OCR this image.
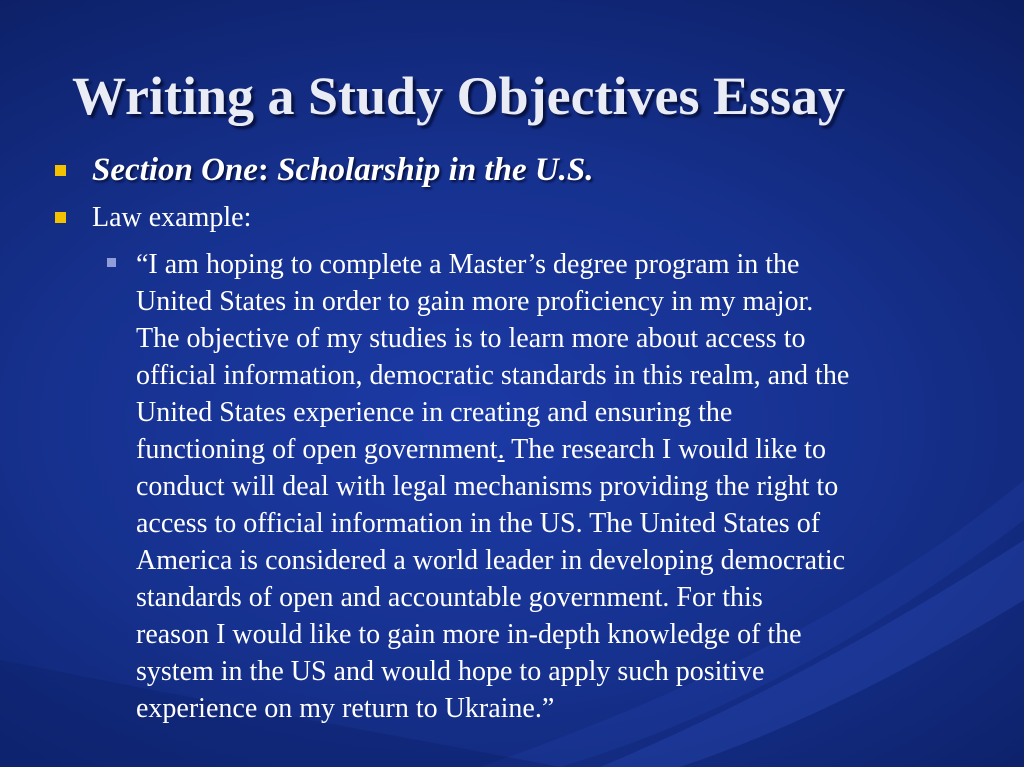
Writing a Study Objectives Essay
Section One: Scholarship in the U.S.
Law example:
“I am hoping to complete a Master’s degree program in the
United States in order to gain more proficiency in my major.
The objective of my studies is to learn more about access to
official information, democratic standards in this realm, and the
United States experience in creating and ensuring the
functioning of open government. The research I would like to
conduct will deal with legal mechanisms providing the right to
access to official information in the US. The United States of
America is considered a world leader in developing democratic
standards of open and accountable government. For this
reason I would like to gain more in-depth knowledge of the
system in the US and would hope to apply such positive
experience on my return to Ukraine.”
